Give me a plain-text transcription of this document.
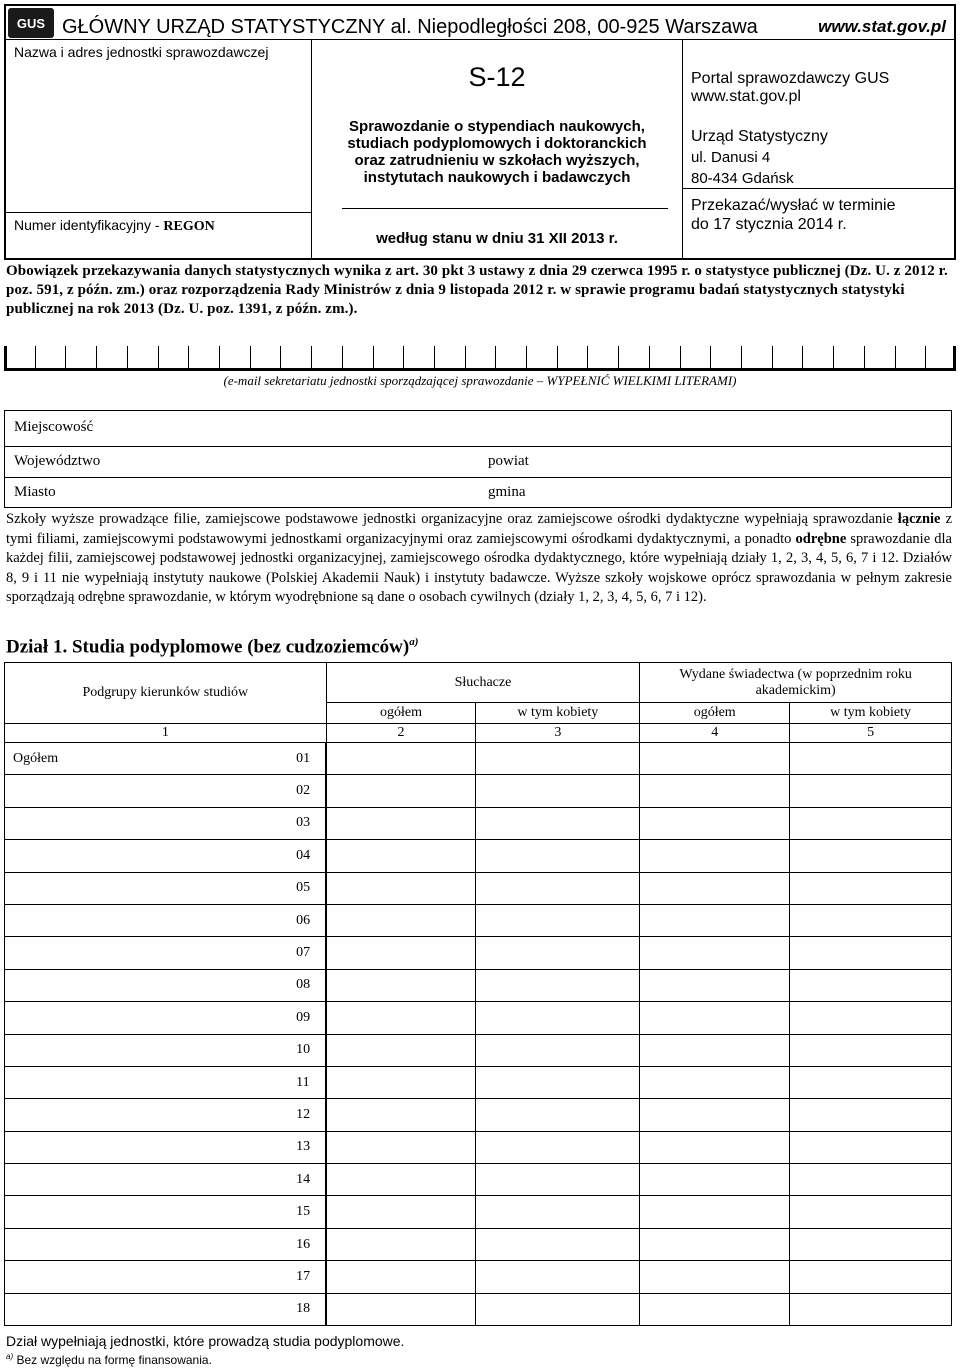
GUS GŁÓWNY URZĄD STATYSTYCZNY al. Niepodległości 208, 00-925 Warszawa	www.stat.gov.pl
Nazwa i adres jednostki sprawozdawczej
Numer identyfikacyjny - REGON
S-12
Sprawozdanie o stypendiach naukowych,
studiach podyplomowych i doktoranckich
oraz zatrudnieniu w szkołach wyższych,
instytutach naukowych i badawczych
według stanu w dniu 31 XII 2013 r.
Portal sprawozdawczy GUS
www.stat.gov.pl
Urząd Statystyczny
ul. Danusi 4
80-434 Gdańsk
Przekazać/wysłać w terminie
do 17 stycznia 2014 r.
Obowiązek przekazywania danych statystycznych wynika z art. 30 pkt 3 ustawy z dnia 29 czerwca 1995 r. o statystyce publicznej (Dz. U. z 2012 r. poz. 591, z późn. zm.) oraz rozporządzenia Rady Ministrów z dnia 9 listopada 2012 r. w sprawie programu badań statystycznych statystyki publicznej na rok 2013 (Dz. U. poz. 1391, z późn. zm.).
(e-mail sekretariatu jednostki sporządzającej sprawozdanie – WYPEŁNIĆ WIELKIMI LITERAMI)
Miejscowość
Województwo	powiat
Miasto	gmina
Szkoły wyższe prowadzące filie, zamiejscowe podstawowe jednostki organizacyjne oraz zamiejscowe ośrodki dydaktyczne wypełniają sprawozdanie łącznie z tymi filiami, zamiejscowymi podstawowymi jednostkami organizacyjnymi oraz zamiejscowymi ośrodkami dydaktycznymi, a ponadto odrębne sprawozdanie dla każdej filii, zamiejscowej podstawowej jednostki organizacyjnej, zamiejscowego ośrodka dydaktycznego, które wypełniają działy 1, 2, 3, 4, 5, 6, 7 i 12. Działów 8, 9 i 11 nie wypełniają instytuty naukowe (Polskiej Akademii Nauk) i instytuty badawcze. Wyższe szkoły wojskowe oprócz sprawozdania w pełnym zakresie sporządzają odrębne sprawozdanie, w którym wyodrębnione są dane o osobach cywilnych (działy 1, 2, 3, 4, 5, 6, 7 i 12).
Dział 1. Studia podyplomowe (bez cudzoziemców)$^{a)}$
Podgrupy kierunków studiów		Słuchacze		Wydane świadectwa (w poprzednim roku akademickim)	
		ogółem	w tym kobiety	ogółem	w tym kobiety
1		2	3	4	5
Ogółem	01				
	02				
	03				
	04				
	05				
	06				
	07				
	08				
	09				
	10				
	11				
	12				
	13				
	14				
	15				
	16				
	17				
	18				
Dział wypełniają jednostki, które prowadzą studia podyplomowe.
$^{a)}$ Bez względu na formę finansowania.
